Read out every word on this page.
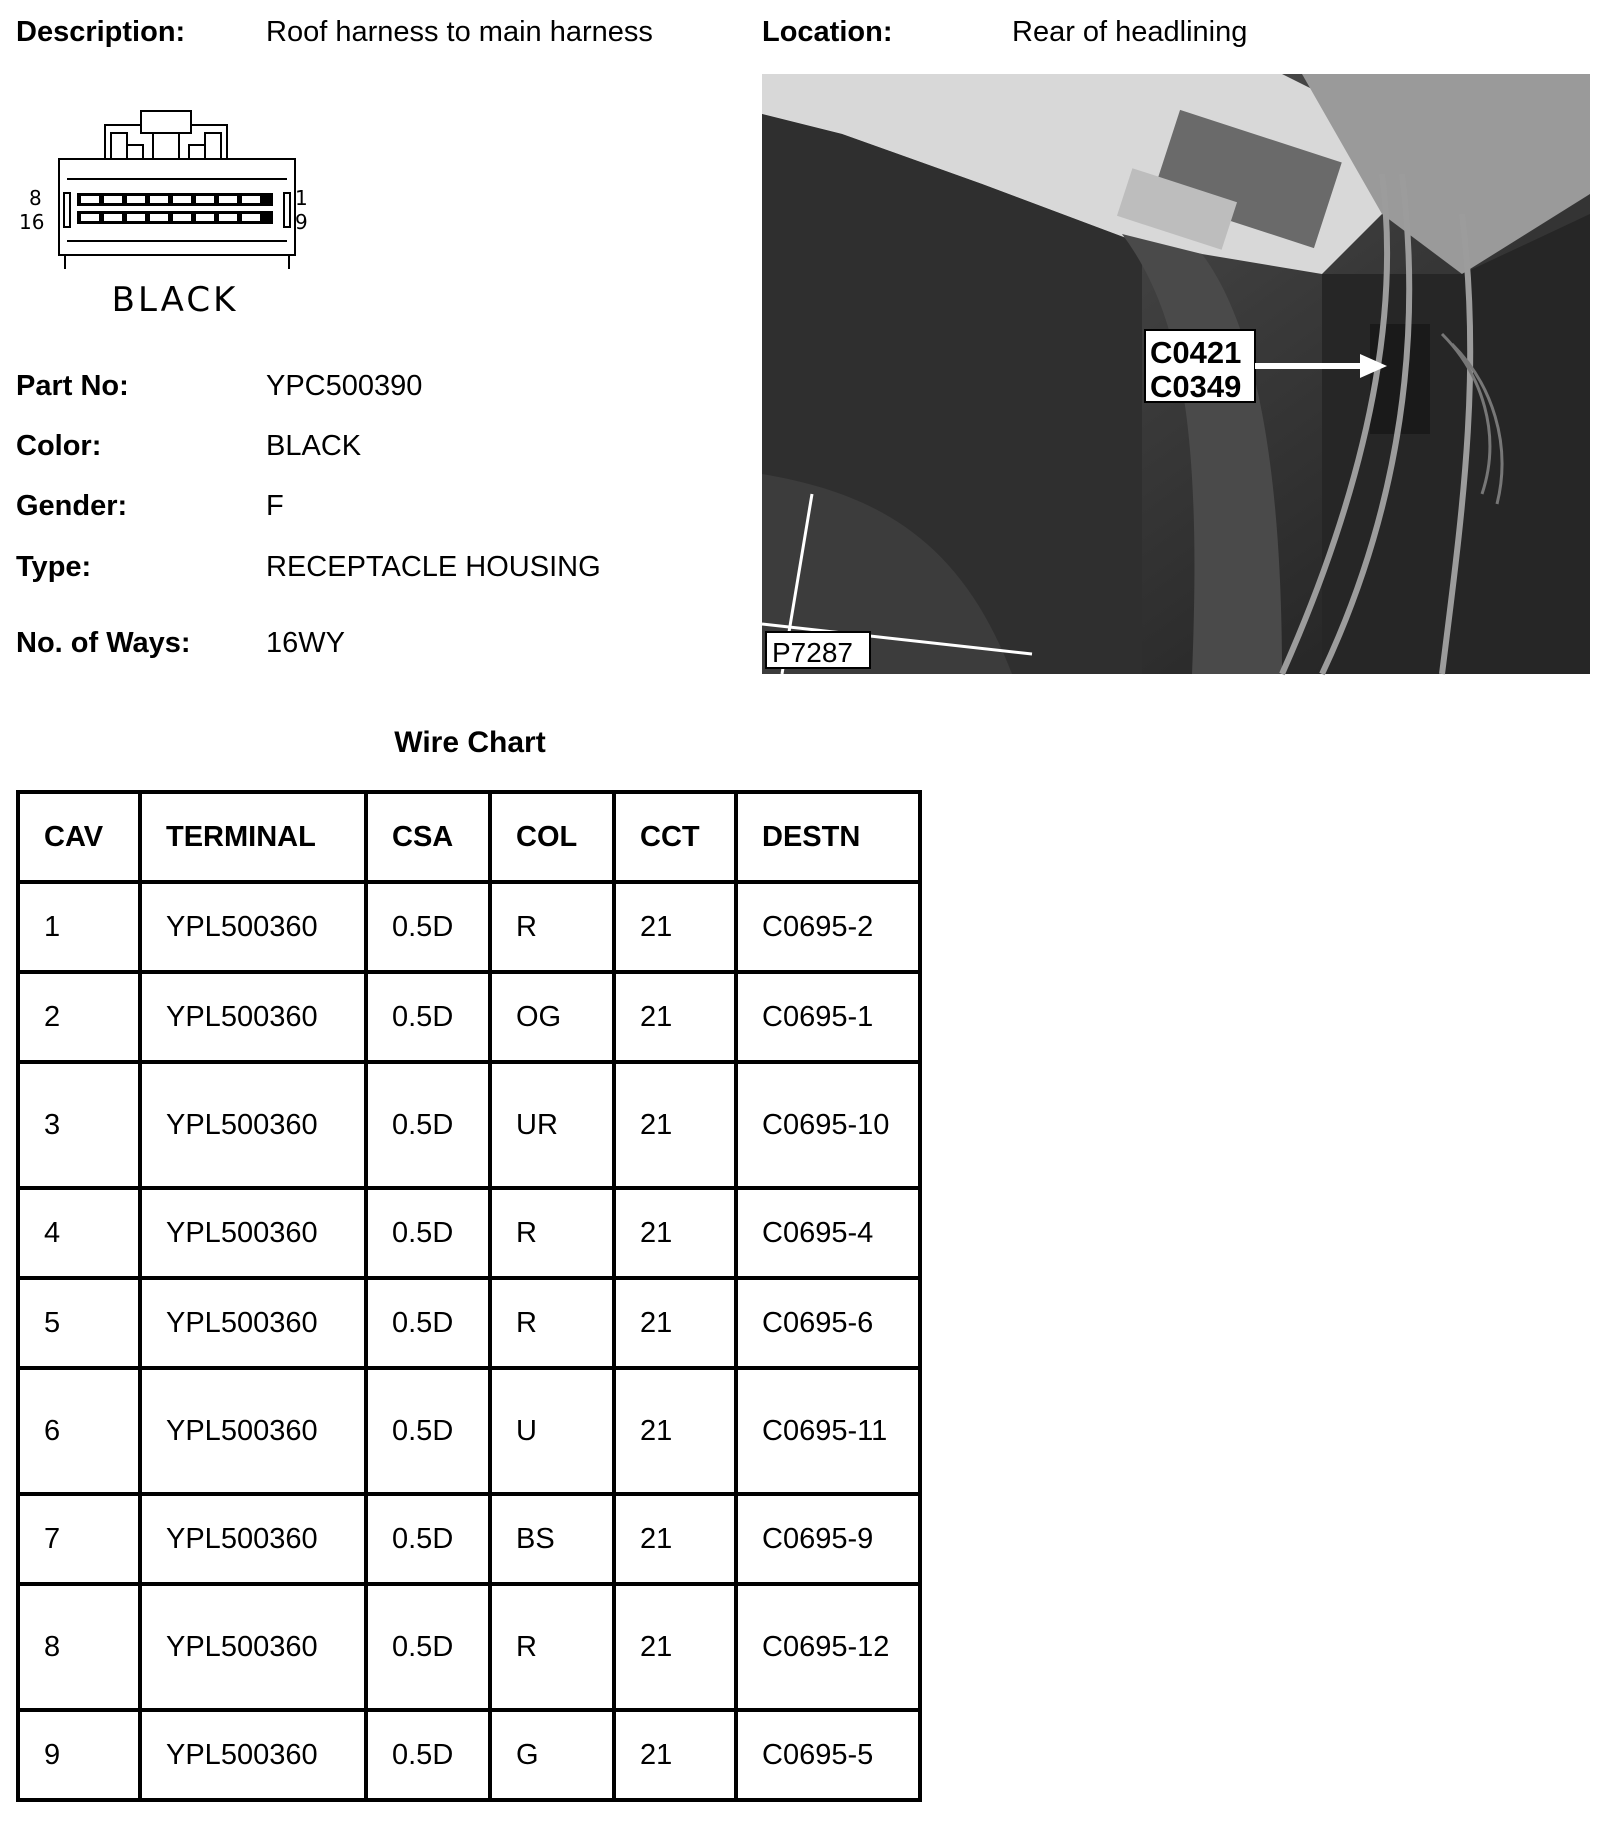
Description:	Roof harness to main harness	Location:	Rear of headlining
8
16
1
9
BLACK
Part No:	YPC500390
Color:	BLACK
Gender:	F
Type:	RECEPTACLE HOUSING
No. of Ways:	16WY
C0421
C0349
P7287
Wire Chart
CAV	TERMINAL	CSA	COL	CCT	DESTN
1	YPL500360	0.5D	R	21	C0695-2
2	YPL500360	0.5D	OG	21	C0695-1
3	YPL500360	0.5D	UR	21	C0695-10
4	YPL500360	0.5D	R	21	C0695-4
5	YPL500360	0.5D	R	21	C0695-6
6	YPL500360	0.5D	U	21	C0695-11
7	YPL500360	0.5D	BS	21	C0695-9
8	YPL500360	0.5D	R	21	C0695-12
9	YPL500360	0.5D	G	21	C0695-5
